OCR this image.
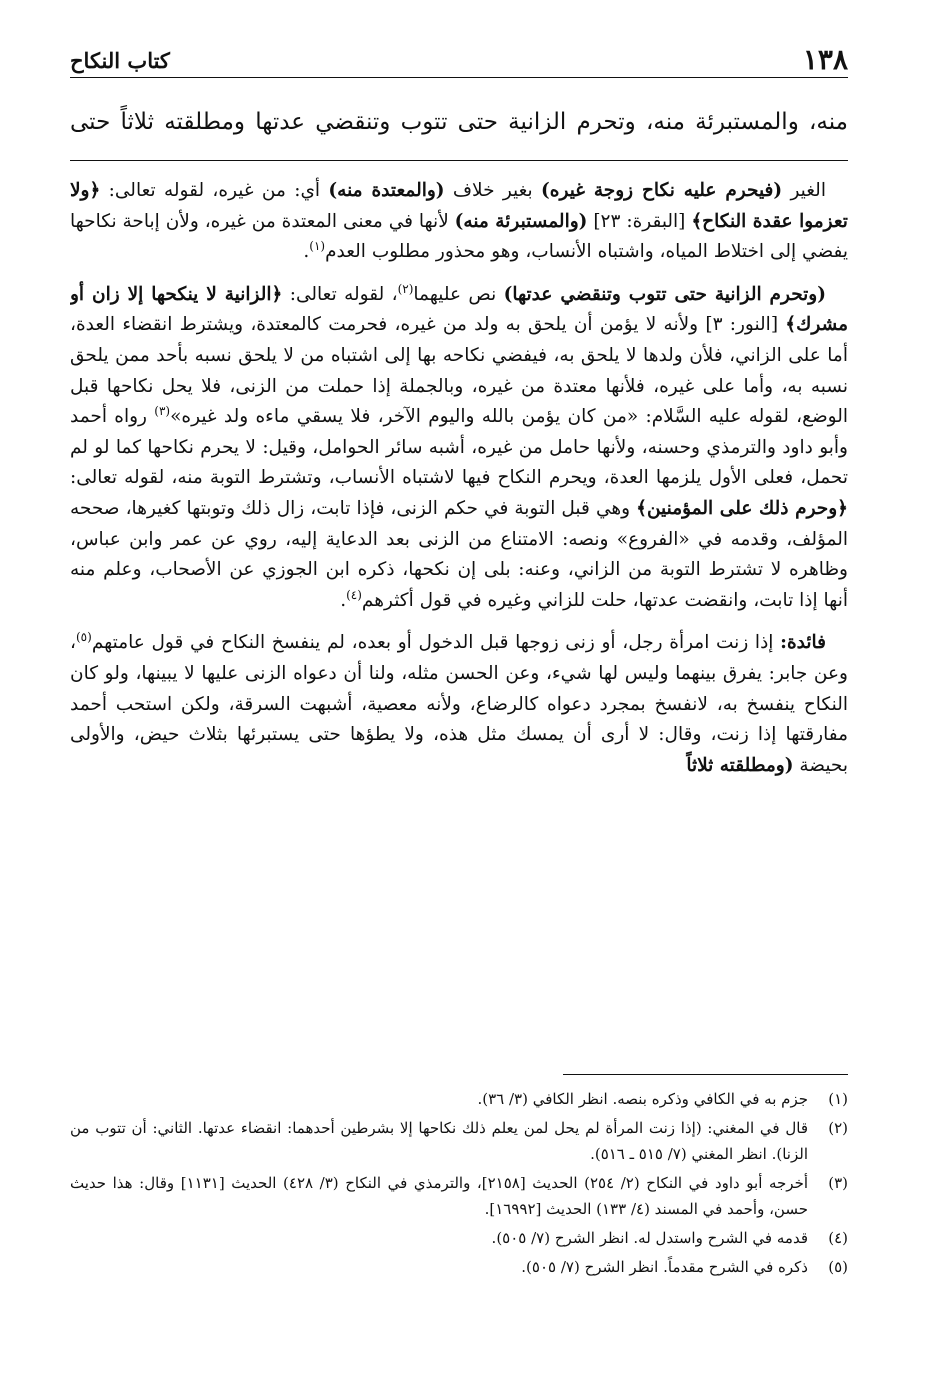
١٣٨
كتاب النكاح
منه، والمستبرئة منه، وتحرم الزانية حتى تتوب وتنقضي عدتها ومطلقته ثلاثاً حتى

الغير (فيحرم عليه نكاح زوجة غيره) بغير خلاف (والمعتدة منه) أي: من غيره، لقوله تعالى: ﴿ولا تعزموا عقدة النكاح﴾ [البقرة: ٢٣] (والمستبرئة منه) لأنها في معنى المعتدة من غيره، ولأن إباحة نكاحها يفضي إلى اختلاط المياه، واشتباه الأنساب، وهو محذور مطلوب العدم$^{(١)}$.

(وتحرم الزانية حتى تتوب وتنقضي عدتها) نص عليهما$^{(٢)}$، لقوله تعالى: ﴿الزانية لا ينكحها إلا زان أو مشرك﴾ [النور: ٣] ولأنه لا يؤمن أن يلحق به ولد من غيره، فحرمت كالمعتدة، ويشترط انقضاء العدة، أما على الزاني، فلأن ولدها لا يلحق به، فيفضي نكاحه بها إلى اشتباه من لا يلحق نسبه بأحد ممن يلحق نسبه به، وأما على غيره، فلأنها معتدة من غيره، وبالجملة إذا حملت من الزنى، فلا يحل نكاحها قبل الوضع، لقوله عليه السَّلام: «من كان يؤمن بالله واليوم الآخر، فلا يسقي ماءه ولد غيره»$^{(٣)}$ رواه أحمد وأبو داود والترمذي وحسنه، ولأنها حامل من غيره، أشبه سائر الحوامل، وقيل: لا يحرم نكاحها كما لو لم تحمل، فعلى الأول يلزمها العدة، ويحرم النكاح فيها لاشتباه الأنساب، وتشترط التوبة منه، لقوله تعالى: ﴿وحرم ذلك على المؤمنين﴾ وهي قبل التوبة في حكم الزنى، فإذا تابت، زال ذلك وتوبتها كغيرها، صححه المؤلف، وقدمه في «الفروع» ونصه: الامتناع من الزنى بعد الدعاية إليه، روي عن عمر وابن عباس، وظاهره لا تشترط التوبة من الزاني، وعنه: بلى إن نكحها، ذكره ابن الجوزي عن الأصحاب، وعلم منه أنها إذا تابت، وانقضت عدتها، حلت للزاني وغيره في قول أكثرهم$^{(٤)}$.

فائدة: إذا زنت امرأة رجل، أو زنى زوجها قبل الدخول أو بعده، لم ينفسخ النكاح في قول عامتهم$^{(٥)}$، وعن جابر: يفرق بينهما وليس لها شيء، وعن الحسن مثله، ولنا أن دعواه الزنى عليها لا يبينها، ولو كان النكاح ينفسخ به، لانفسخ بمجرد دعواه كالرضاع، ولأنه معصية، أشبهت السرقة، ولكن استحب أحمد مفارقتها إذا زنت، وقال: لا أرى أن يمسك مثل هذه، ولا يطؤها حتى يستبرئها بثلاث حيض، والأولى بحيضة (ومطلقته ثلاثاً

(١)
جزم به في الكافي وذكره بنصه. انظر الكافي (٣/ ٣٦).
(٢)
قال في المغني: (إذا زنت المرأة لم يحل لمن يعلم ذلك نكاحها إلا بشرطين أحدهما: انقضاء عدتها. الثاني: أن تتوب من الزنا). انظر المغني (٧/ ٥١٥ ـ ٥١٦).
(٣)
أخرجه أبو داود في النكاح (٢/ ٢٥٤) الحديث [٢١٥٨]، والترمذي في النكاح (٣/ ٤٢٨) الحديث [١١٣١] وقال: هذا حديث حسن، وأحمد في المسند (٤/ ١٣٣) الحديث [١٦٩٩٢].
(٤)
قدمه في الشرح واستدل له. انظر الشرح (٧/ ٥٠٥).
(٥)
ذكره في الشرح مقدماً. انظر الشرح (٧/ ٥٠٥).
